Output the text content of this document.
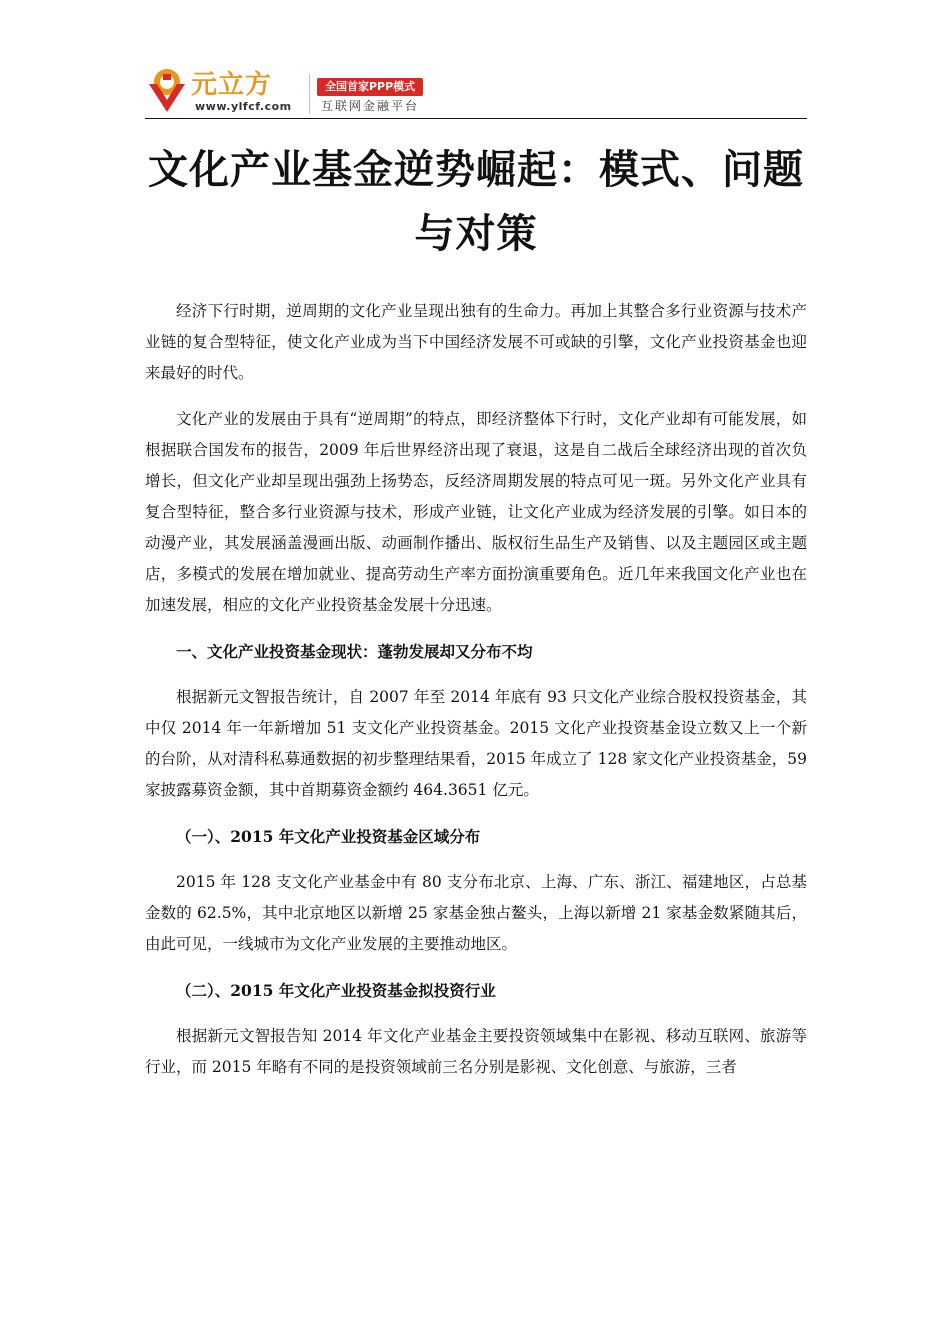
元立方
www.ylfcf.com
全国首家PPP模式
互联网金融平台
文化产业基金逆势崛起：模式、问题与对策

经济下行时期，逆周期的文化产业呈现出独有的生命力。再加上其整合多行业资源与技术产业链的复合型特征，使文化产业成为当下中国经济发展不可或缺的引擎，文化产业投资基金也迎来最好的时代。

文化产业的发展由于具有“逆周期”的特点，即经济整体下行时，文化产业却有可能发展，如根据联合国发布的报告，2009 年后世界经济出现了衰退，这是自二战后全球经济出现的首次负增长，但文化产业却呈现出强劲上扬势态，反经济周期发展的特点可见一斑。另外文化产业具有复合型特征，整合多行业资源与技术，形成产业链，让文化产业成为经济发展的引擎。如日本的动漫产业，其发展涵盖漫画出版、动画制作播出、版权衍生品生产及销售、以及主题园区或主题店，多模式的发展在增加就业、提高劳动生产率方面扮演重要角色。近几年来我国文化产业也在加速发展，相应的文化产业投资基金发展十分迅速。

一、文化产业投资基金现状：蓬勃发展却又分布不均

根据新元文智报告统计，自 2007 年至 2014 年底有 93 只文化产业综合股权投资基金，其中仅 2014 年一年新增加 51 支文化产业投资基金。2015 文化产业投资基金设立数又上一个新的台阶，从对清科私募通数据的初步整理结果看，2015 年成立了 128 家文化产业投资基金，59 家披露募资金额，其中首期募资金额约 464.3651 亿元。

（一）、2015 年文化产业投资基金区域分布

2015 年 128 支文化产业基金中有 80 支分布北京、上海、广东、浙江、福建地区，占总基金数的 62.5%，其中北京地区以新增 25 家基金独占鳌头，上海以新增 21 家基金数紧随其后，由此可见，一线城市为文化产业发展的主要推动地区。

（二）、2015 年文化产业投资基金拟投资行业

根据新元文智报告知 2014 年文化产业基金主要投资领域集中在影视、移动互联网、旅游等行业，而 2015 年略有不同的是投资领域前三名分别是影视、文化创意、与旅游，三者
